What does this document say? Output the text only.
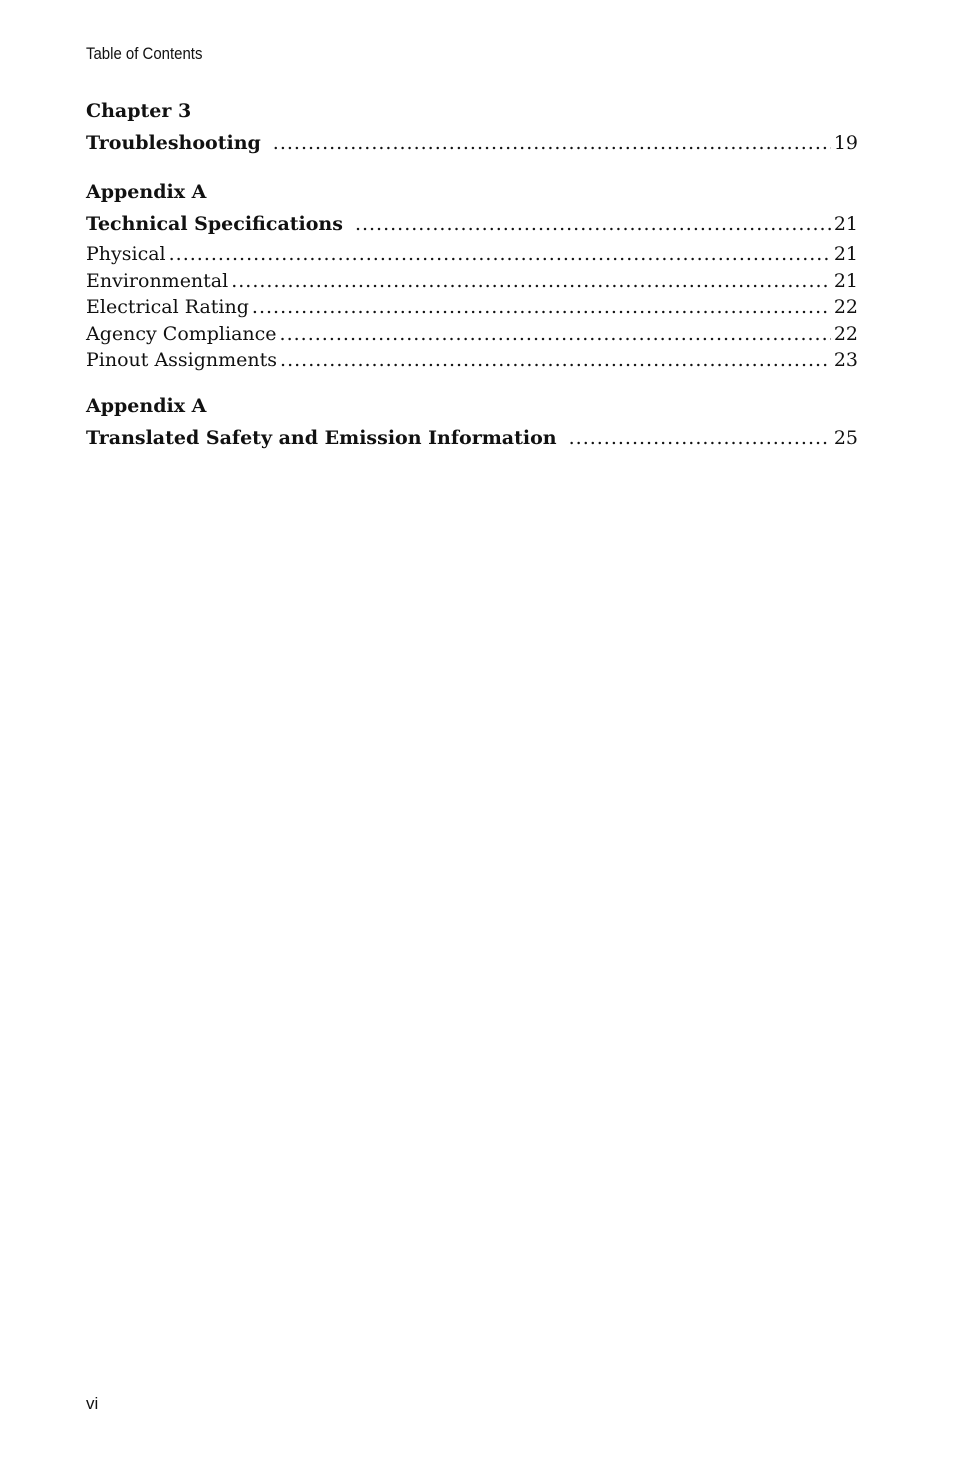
Table of Contents
Chapter 3
Troubleshooting .....	19
Appendix A
Technical Specifications .....	21
Physical .....	21
Environmental .....	21
Electrical Rating .....	22
Agency Compliance .....	22
Pinout Assignments .....	23
Appendix A
Translated Safety and Emission Information .....	25
vi
